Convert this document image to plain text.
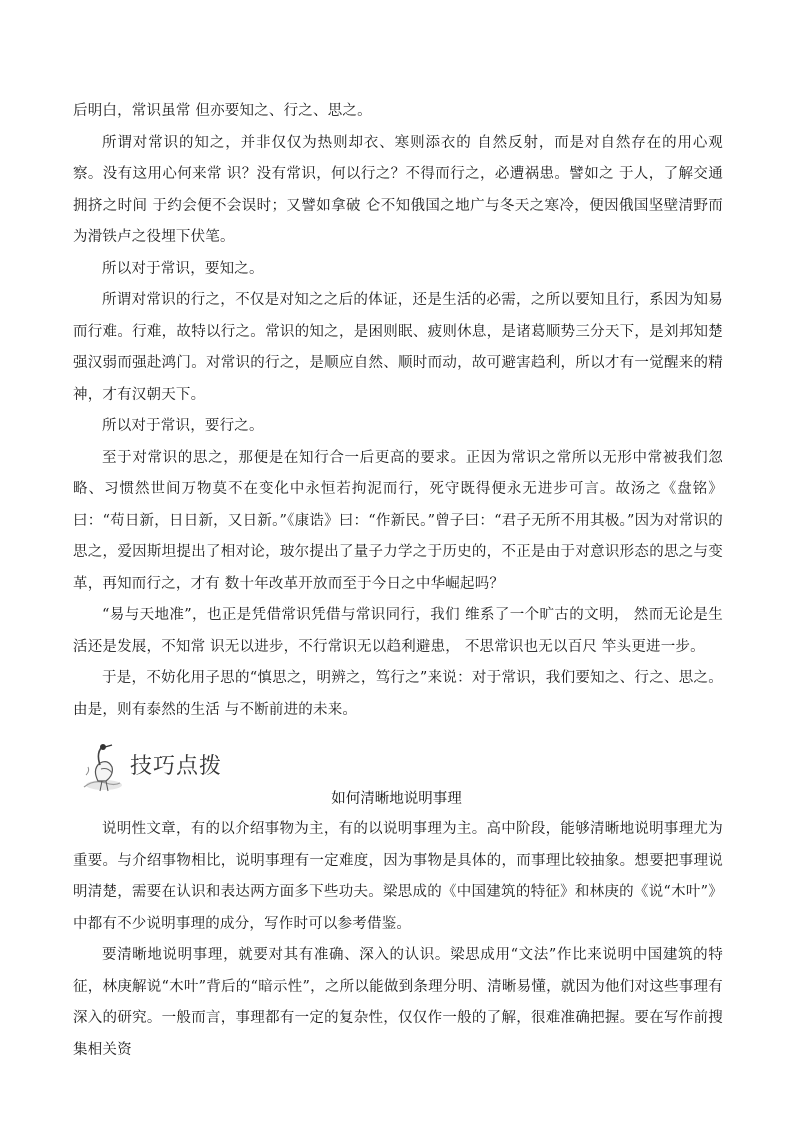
后明白，常识虽常 但亦要知之、行之、思之。

所谓对常识的知之，并非仅仅为热则却衣、寒则添衣的 自然反射，而是对自然存在的用心观察。没有这用心何来常 识？没有常识，何以行之？不得而行之，必遭祸患。譬如之 于人，了解交通拥挤之时间 于约会便不会误时；又譬如拿破 仑不知俄国之地广与冬天之寒冷，便因俄国坚壁清野而为滑铁卢之役埋下伏笔。

所以对于常识，要知之。

所谓对常识的行之，不仅是对知之之后的体证，还是生活的必需，之所以要知且行，系因为知易而行难。行难，故特以行之。常识的知之，是困则眠、疲则休息，是诸葛顺势三分天下，是刘邦知楚强汉弱而强赴鸿门。对常识的行之，是顺应自然、顺时而动，故可避害趋利，所以才有一觉醒来的精神，才有汉朝天下。

所以对于常识，要行之。

至于对常识的思之，那便是在知行合一后更高的要求。正因为常识之常所以无形中常被我们忽略、习惯然世间万物莫不在变化中永恒若拘泥而行，死守既得便永无进步可言。故汤之《盘铭》曰：“苟日新，日日新，又日新。”《康诰》曰：“作新民。”曾子曰：“君子无所不用其极。”因为对常识的思之，爱因斯坦提出了相对论，玻尔提出了量子力学之于历史的，不正是由于对意识形态的思之与变革，再知而行之，才有 数十年改革开放而至于今日之中华崛起吗？

“易与天地准”，也正是凭借常识凭借与常识同行，我们 维系了一个旷古的文明， 然而无论是生活还是发展，不知常 识无以进步，不行常识无以趋利避患， 不思常识也无以百尺 竿头更进一步。

于是，不妨化用子思的“慎思之，明辨之，笃行之”来说：对于常识，我们要知之、行之、思之。由是，则有泰然的生活 与不断前进的未来。

技巧点拨
如何清晰地说明事理

说明性文章，有的以介绍事物为主，有的以说明事理为主。高中阶段，能够清晰地说明事理尤为重要。与介绍事物相比，说明事理有一定难度，因为事物是具体的，而事理比较抽象。想要把事理说明清楚，需要在认识和表达两方面多下些功夫。梁思成的《中国建筑的特征》和林庚的《说“木叶”》中都有不少说明事理的成分，写作时可以参考借鉴。

要清晰地说明事理，就要对其有准确、深入的认识。梁思成用“文法”作比来说明中国建筑的特征，林庚解说“木叶”背后的“暗示性”，之所以能做到条理分明、清晰易懂，就因为他们对这些事理有深入的研究。一般而言，事理都有一定的复杂性，仅仅作一般的了解，很难准确把握。要在写作前搜集相关资
